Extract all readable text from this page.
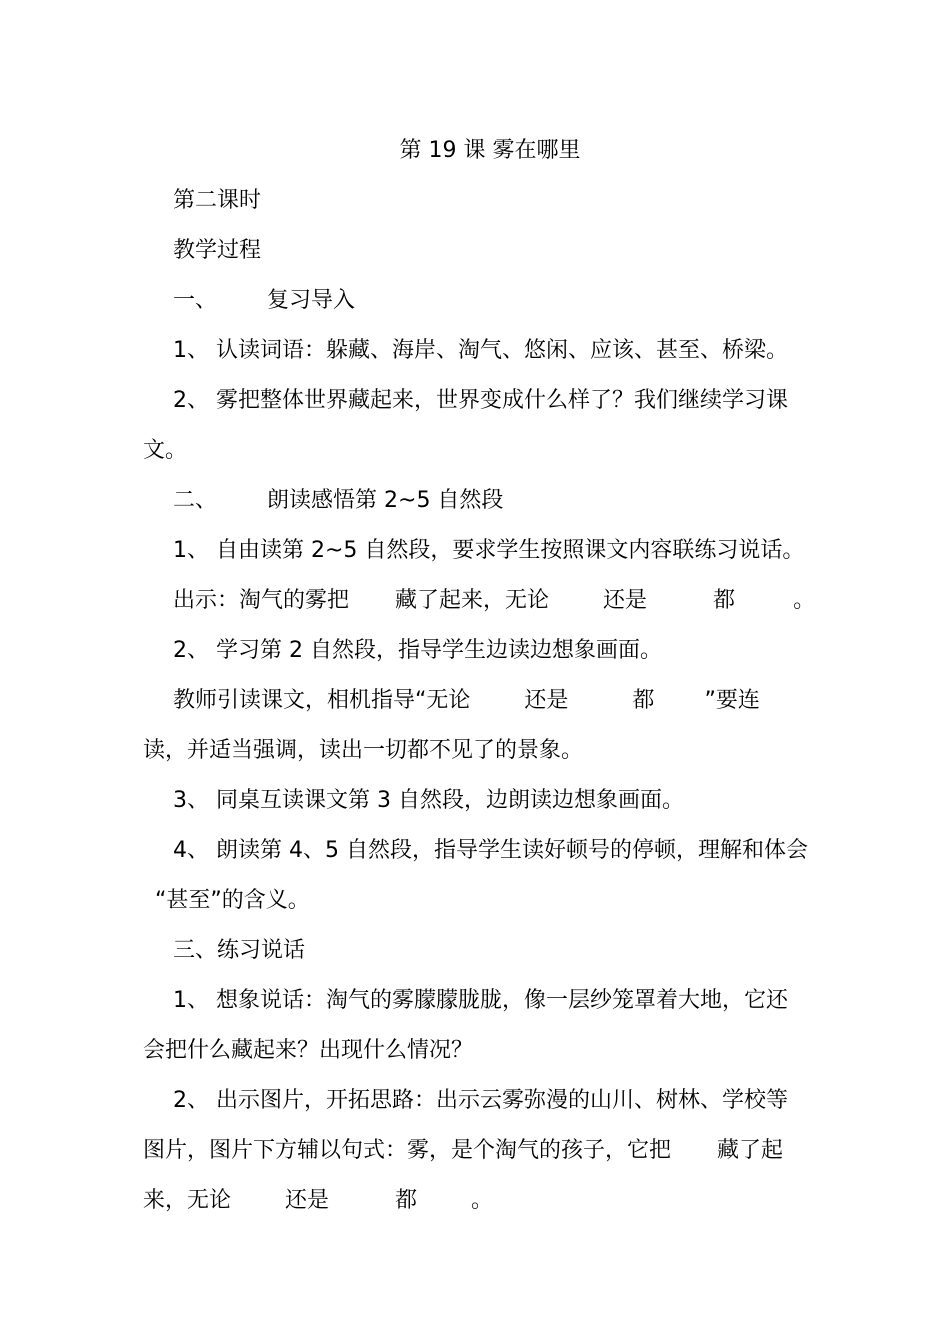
第 19 课 雾在哪里
第二课时
教学过程
一、 复习导入
1、 认读词语：躲藏、海岸、淘气、悠闲、应该、甚至、桥梁。
2、 雾把整体世界藏起来，世界变成什么样了？我们继续学习课
文。
二、 朗读感悟第 2~5 自然段
1、 自由读第 2~5 自然段，要求学生按照课文内容联练习说话。
出示：淘气的雾把 藏了起来，无论 还是	都	。
2、 学习第 2 自然段，指导学生边读边想象画面。
教师引读课文，相机指导“无论 还是	都 ”要连
读，并适当强调，读出一切都不见了的景象。
3、 同桌互读课文第 3 自然段，边朗读边想象画面。
4、 朗读第 4、5 自然段，指导学生读好顿号的停顿，理解和体会
“甚至”的含义。
三、练习说话
1、 想象说话：淘气的雾朦朦胧胧，像一层纱笼罩着大地，它还
会把什么藏起来？出现什么情况？
2、 出示图片，开拓思路：出示云雾弥漫的山川、树林、学校等
图片，图片下方辅以句式：雾，是个淘气的孩子，它把 藏了起
来，无论 还是	都 。
